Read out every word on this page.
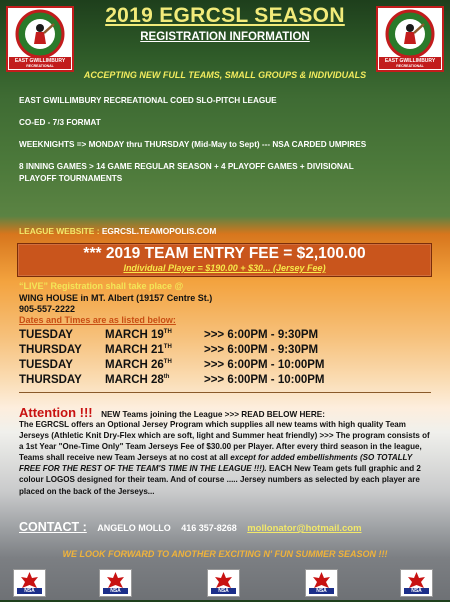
EAST GWILLIMBURY
RECREATIONAL
EAST GWILLIMBURY
RECREATIONAL
2019 EGRCSL SEASON
REGISTRATION INFORMATION
ACCEPTING NEW FULL TEAMS, SMALL GROUPS & INDIVIDUALS
EAST GWILLIMBURY RECREATIONAL COED SLO-PITCH LEAGUE
CO-ED - 7/3 FORMAT
WEEKNIGHTS => MONDAY thru THURSDAY (Mid-May to Sept) --- NSA CARDED UMPIRES
8 INNING GAMES > 14 GAME REGULAR SEASON + 4 PLAYOFF GAMES + DIVISIONAL
PLAYOFF TOURNAMENTS
LEAGUE WEBSITE : EGRCSL.TEAMOPOLIS.COM
*** 2019 TEAM ENTRY FEE = $2,100.00
Individual Player = $190.00 + $30... (Jersey Fee)
“LIVE” Registration shall take place @
WING HOUSE in MT. Albert (19157 Centre St.)
905-557-2222
Dates and Times are as listed below:
TUESDAY	MARCH 19TH	>>> 6:00PM - 9:30PM
THURSDAY MARCH 21TH	>>> 6:00PM - 9:30PM
TUESDAY	MARCH 26TH	>>> 6:00PM - 10:00PM
THURSDAY MARCH 28th	>>> 6:00PM - 10:00PM
Attention !!! NEW Teams joining the League >>> READ BELOW HERE:
The EGRCSL offers an Optional Jersey Program which supplies all new teams with high quality Team Jerseys (Athletic Knit Dry-Flex which are soft, light and Summer heat friendly) >>> The program consists of a 1st Year "One-Time Only" Team Jerseys Fee of $30.00 per Player. After every third season in the league, Teams shall receive new Team Jerseys at no cost at all except for added embellishments (SO TOTALLY FREE FOR THE REST OF THE TEAM'S TIME IN THE LEAGUE !!!). EACH New Team gets full graphic and 2 colour LOGOS designed for their team. And of course ..... Jersey numbers as selected by each player are placed on the back of the Jerseys...
CONTACT : ANGELO MOLLO 416 357-8268 mollonator@hotmail.com
WE LOOK FORWARD TO ANOTHER EXCITING N' FUN SUMMER SEASON !!!
NSA	NSA	NSA	NSA	NSA
